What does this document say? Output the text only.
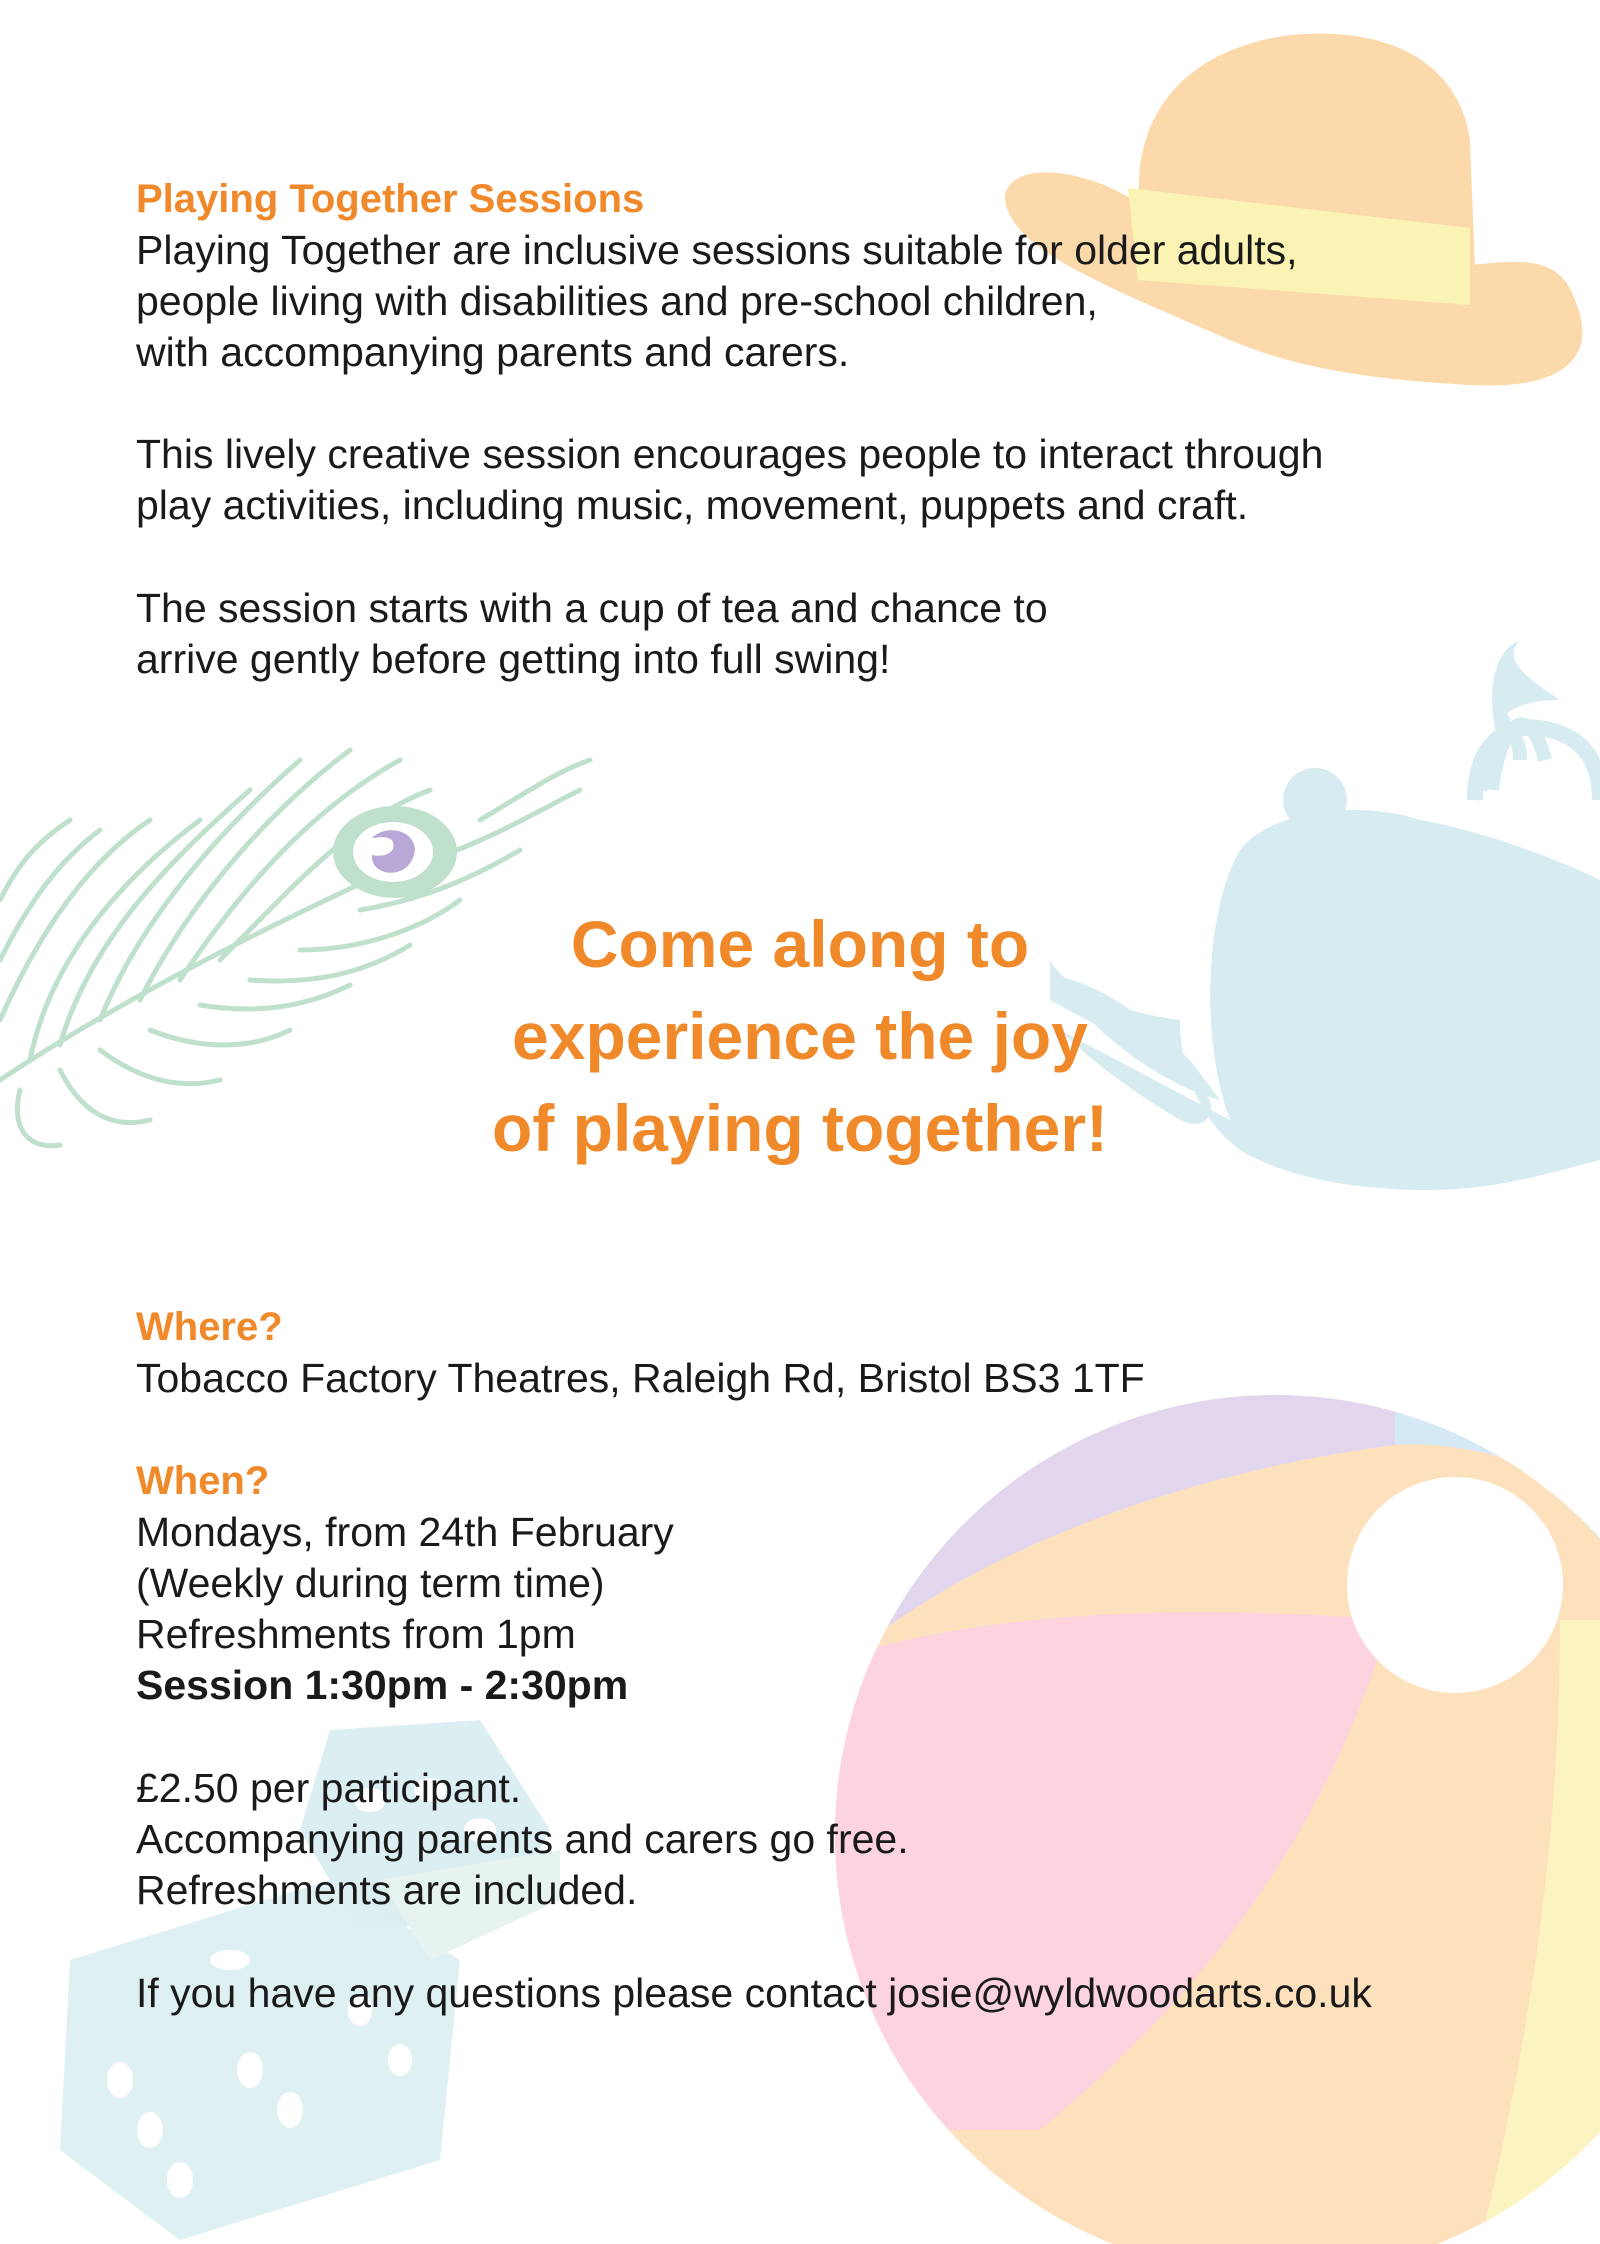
Playing Together Sessions
Playing Together are inclusive sessions suitable for older adults,
people living with disabilities and pre-school children,
with accompanying parents and carers.
This lively creative session encourages people to interact through
play activities, including music, movement, puppets and craft.
The session starts with a cup of tea and chance to
arrive gently before getting into full swing!
Come along to
experience the joy
of playing together!
Where?
Tobacco Factory Theatres, Raleigh Rd, Bristol BS3 1TF
When?
Mondays, from 24th February
(Weekly during term time)
Refreshments from 1pm
Session 1:30pm - 2:30pm
£2.50 per participant.
Accompanying parents and carers go free.
Refreshments are included.
If you have any questions please contact josie@wyldwoodarts.co.uk
